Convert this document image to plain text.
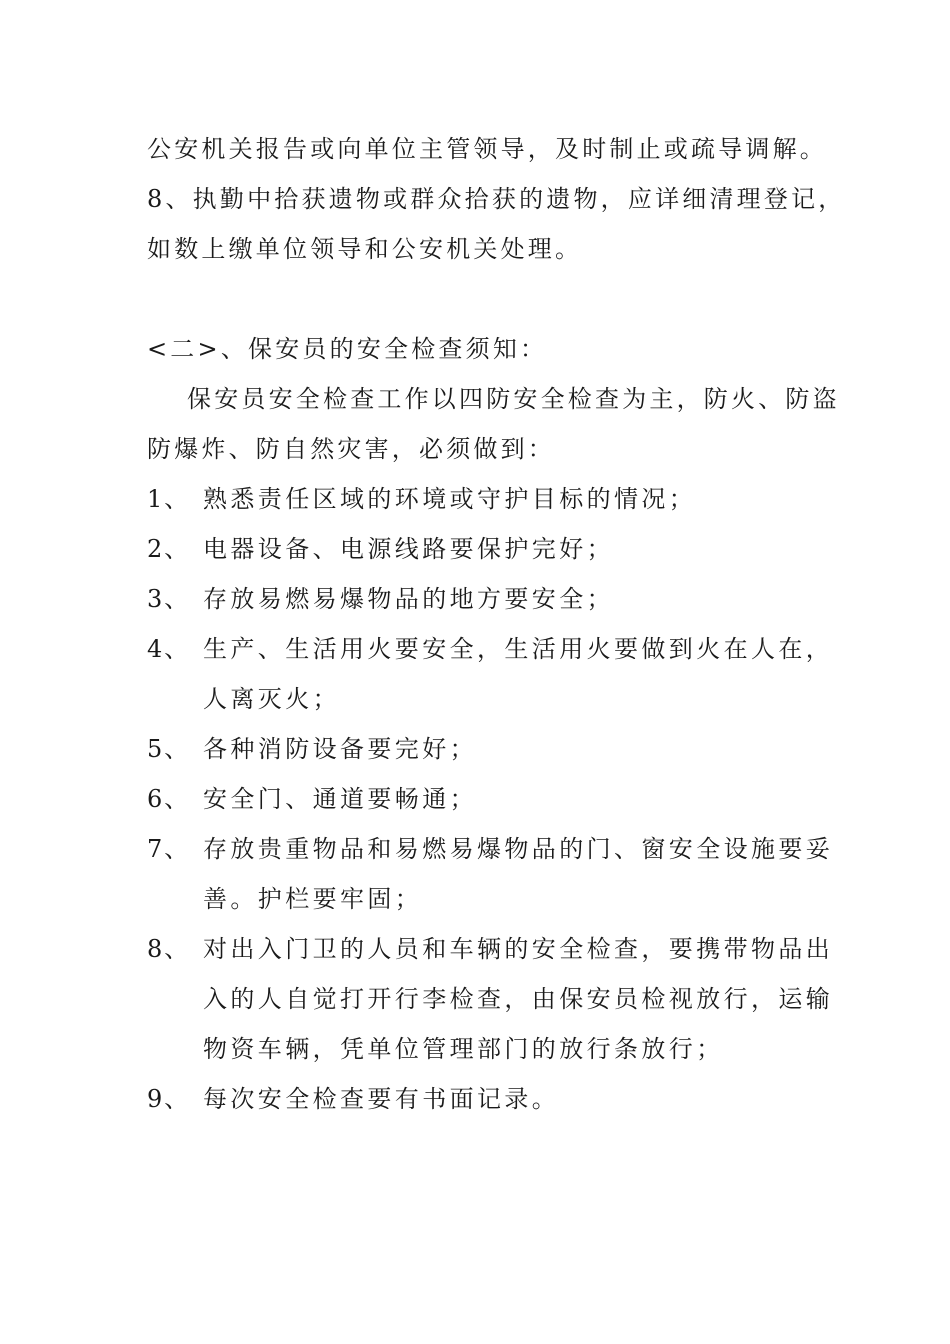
公安机关报告或向单位主管领导，及时制止或疏导调解。
8、执勤中拾获遗物或群众拾获的遗物，应详细清理登记，
如数上缴单位领导和公安机关处理。
<二>、保安员的安全检查须知：
保安员安全检查工作以四防安全检查为主，防火、防盗
防爆炸、防自然灾害，必须做到：
1、 熟悉责任区域的环境或守护目标的情况；
2、 电器设备、电源线路要保护完好；
3、 存放易燃易爆物品的地方要安全；
4、 生产、生活用火要安全，生活用火要做到火在人在，
人离灭火；
5、 各种消防设备要完好；
6、 安全门、通道要畅通；
7、 存放贵重物品和易燃易爆物品的门、窗安全设施要妥
善。护栏要牢固；
8、 对出入门卫的人员和车辆的安全检查，要携带物品出
入的人自觉打开行李检查，由保安员检视放行，运输
物资车辆，凭单位管理部门的放行条放行；
9、 每次安全检查要有书面记录。
